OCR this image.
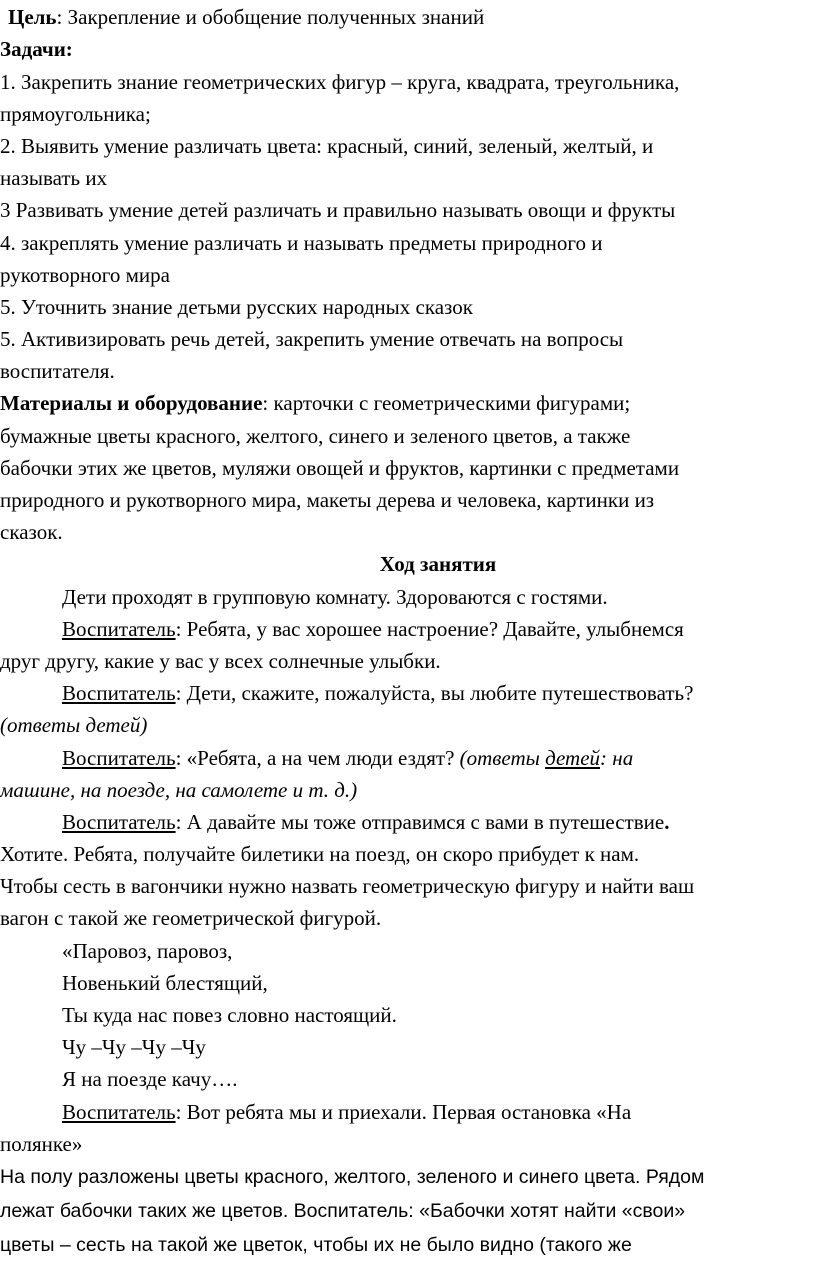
Цель: Закрепление и обобщение полученных знаний

Задачи:

1. Закрепить знание геометрических фигур – круга, квадрата, треугольника,

прямоугольника;

2. Выявить умение различать цвета: красный, синий, зеленый, желтый, и

называть их

3 Развивать умение детей различать и правильно называть овощи и фрукты

4. закреплять умение различать и называть предметы природного и

рукотворного мира

5. Уточнить знание детьми русских народных сказок

5. Активизировать речь детей, закрепить умение отвечать на вопросы

воспитателя.

Материалы и оборудование: карточки с геометрическими фигурами;

бумажные цветы красного, желтого, синего и зеленого цветов, а также

бабочки этих же цветов, муляжи овощей и фруктов, картинки с предметами

природного и рукотворного мира, макеты дерева и человека, картинки из

сказок.

Ход занятия

Дети проходят в групповую комнату. Здороваются с гостями.

Воспитатель: Ребята, у вас хорошее настроение? Давайте, улыбнемся

друг другу, какие у вас у всех солнечные улыбки.

Воспитатель: Дети, скажите, пожалуйста, вы любите путешествовать?

(ответы детей)

Воспитатель: «Ребята, а на чем люди ездят? (ответы детей: на

машине, на поезде, на самолете и т. д.)

Воспитатель: А давайте мы тоже отправимся с вами в путешествие.

Хотите. Ребята, получайте билетики на поезд, он скоро прибудет к нам.

Чтобы сесть в вагончики нужно назвать геометрическую фигуру и найти ваш

вагон с такой же геометрической фигурой.

«Паровоз, паровоз,

Новенький блестящий,

Ты куда нас повез словно настоящий.

Чу –Чу –Чу –Чу

Я на поезде качу….

Воспитатель: Вот ребята мы и приехали. Первая остановка «На

полянке»

На полу разложены цветы красного, желтого, зеленого и синего цвета. Рядом

лежат бабочки таких же цветов. Воспитатель: «Бабочки хотят найти «свои»

цветы – сесть на такой же цветок, чтобы их не было видно (такого же
